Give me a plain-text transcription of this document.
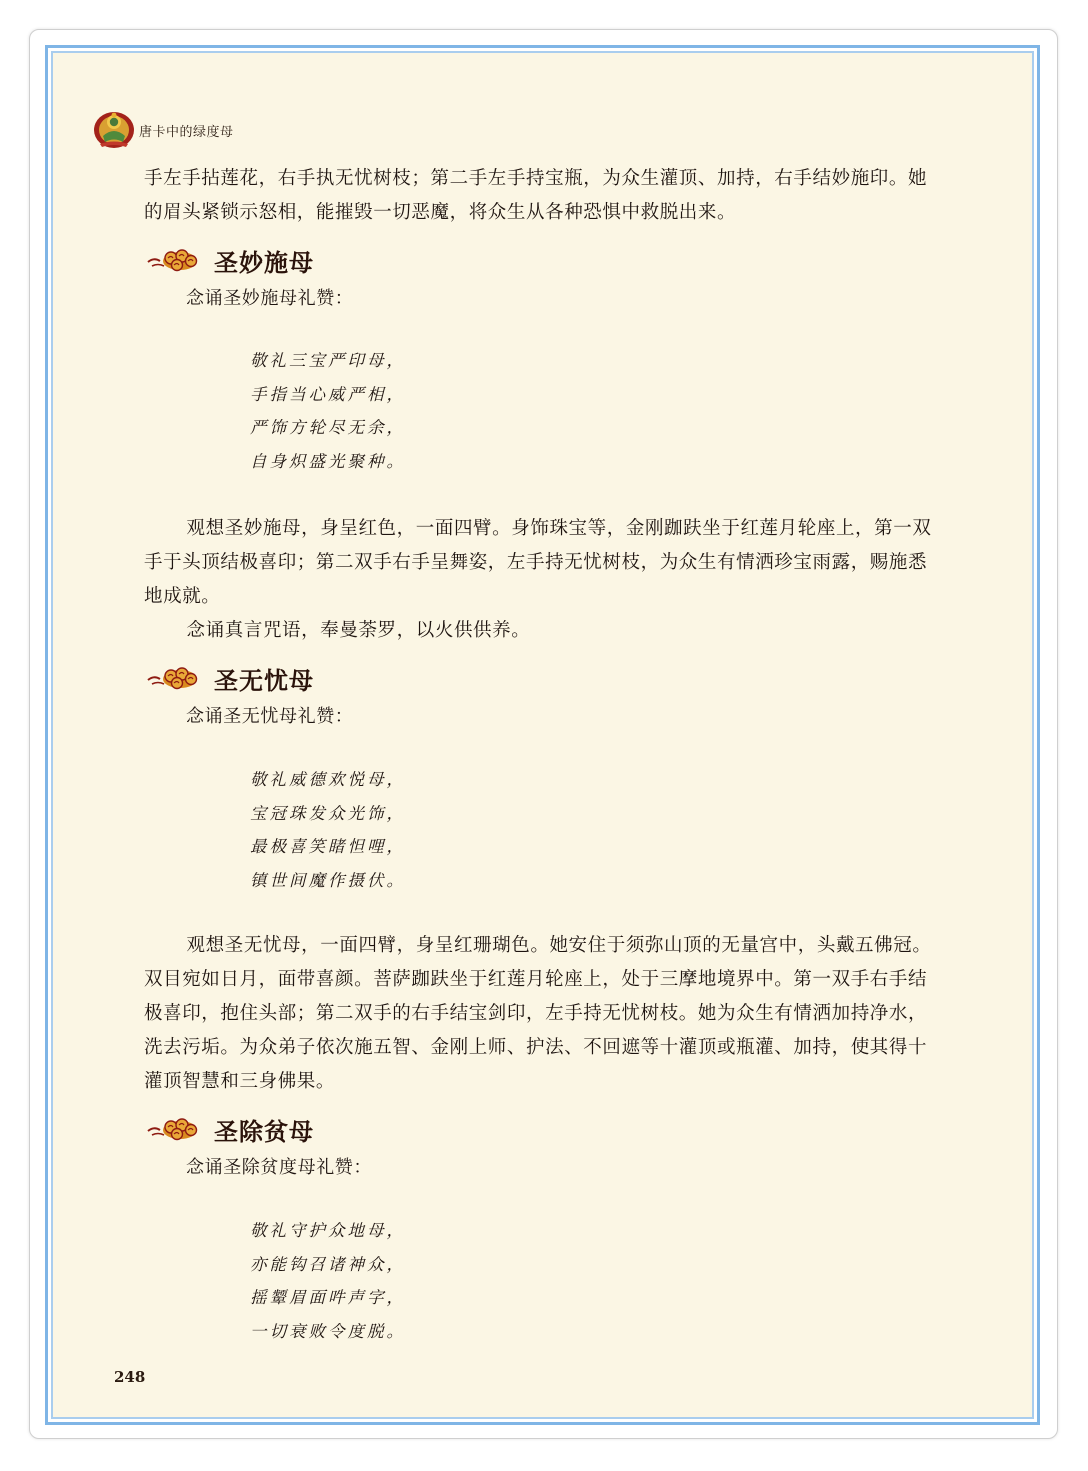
唐卡中的绿度母

手左手拈莲花，右手执无忧树枝；第二手左手持宝瓶，为众生灌顶、加持，右手结妙施印。她的眉头紧锁示怒相，能摧毁一切恶魔，将众生从各种恐惧中救脱出来。

圣妙施母
念诵圣妙施母礼赞：
敬礼三宝严印母，
手指当心威严相，
严饰方轮尽无余，
自身炽盛光聚种。

观想圣妙施母，身呈红色，一面四臂。身饰珠宝等，金刚跏趺坐于红莲月轮座上，第一双手于头顶结极喜印；第二双手右手呈舞姿，左手持无忧树枝，为众生有情洒珍宝雨露，赐施悉地成就。

念诵真言咒语，奉曼荼罗，以火供供养。

圣无忧母
念诵圣无忧母礼赞：
敬礼威德欢悦母，
宝冠珠发众光饰，
最极喜笑睹怛哩，
镇世间魔作摄伏。

观想圣无忧母，一面四臂，身呈红珊瑚色。她安住于须弥山顶的无量宫中，头戴五佛冠。双目宛如日月，面带喜颜。菩萨跏趺坐于红莲月轮座上，处于三摩地境界中。第一双手右手结极喜印，抱住头部；第二双手的右手结宝剑印，左手持无忧树枝。她为众生有情洒加持净水，洗去污垢。为众弟子依次施五智、金刚上师、护法、不回遮等十灌顶或瓶灌、加持，使其得十灌顶智慧和三身佛果。

圣除贫母
念诵圣除贫度母礼赞：
敬礼守护众地母，
亦能钩召诸神众，
摇颦眉面吽声字，
一切衰败令度脱。
248
